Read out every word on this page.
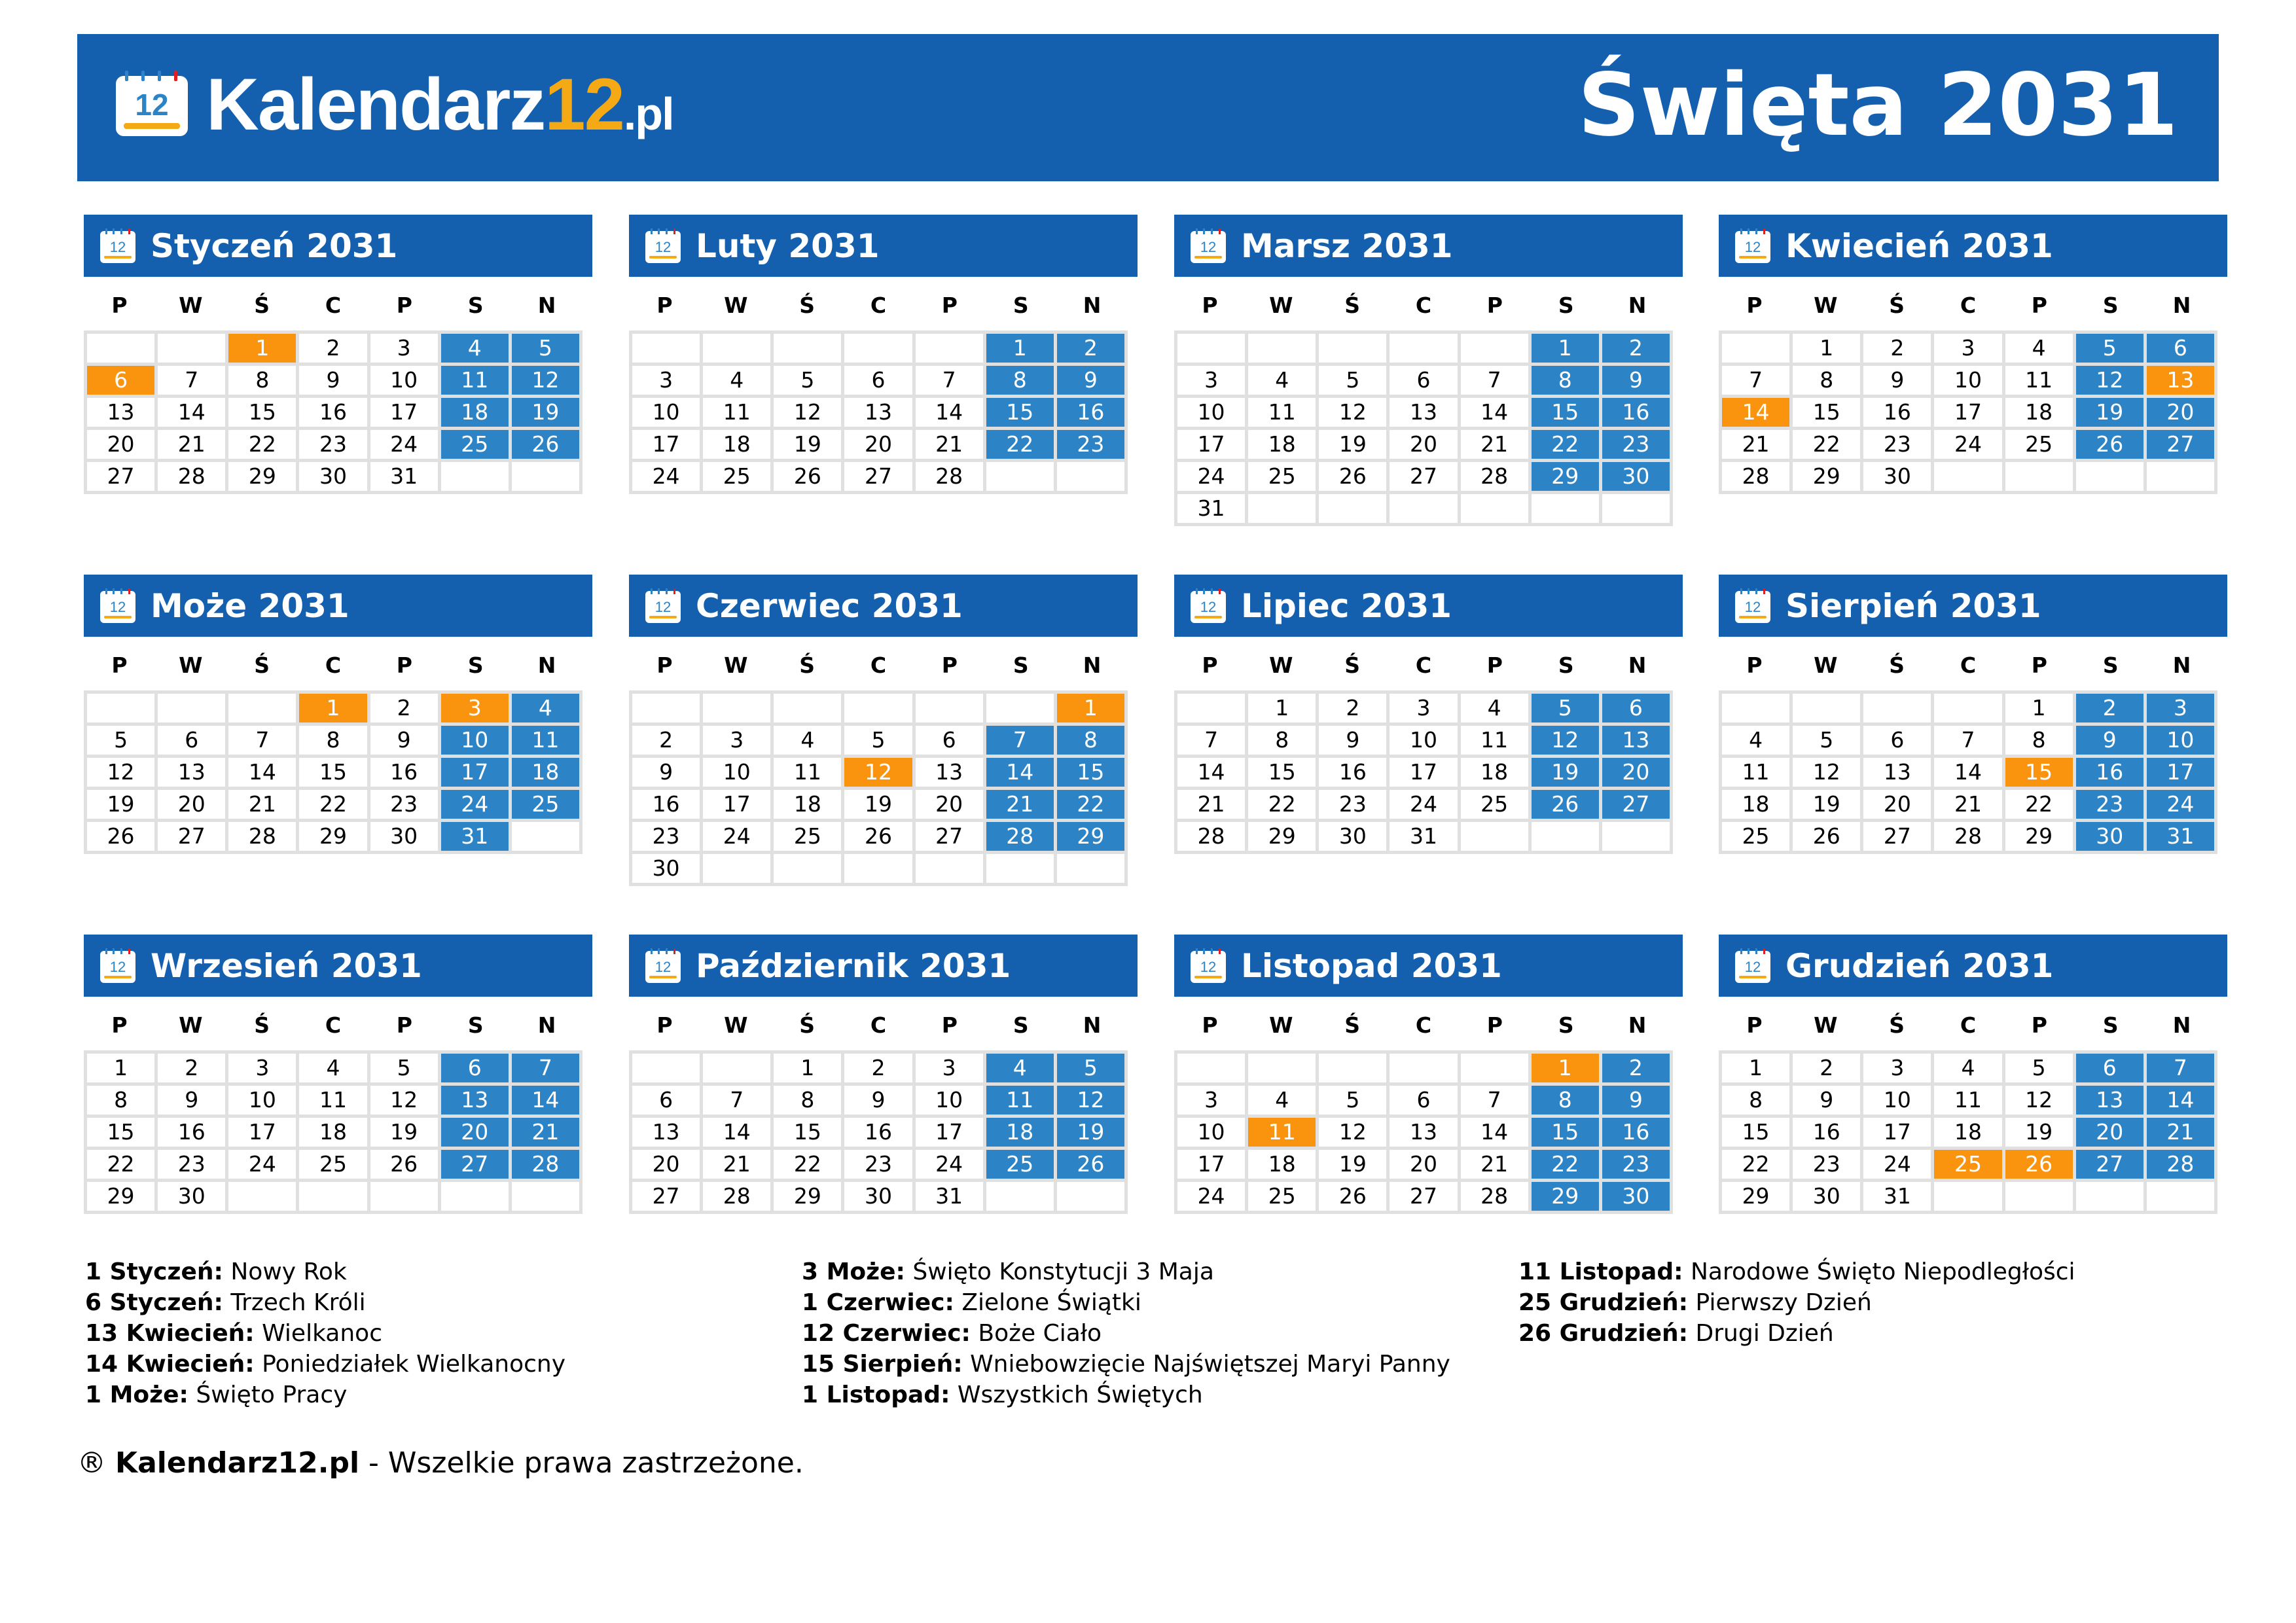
12 Kalendarz12.pl	Święta 2031
12 Styczeń 2031
P	W	Ś	C	P	S	N
		1	2	3	4	5
6	7	8	9	10	11	12
13	14	15	16	17	18	19
20	21	22	23	24	25	26
27	28	29	30	31		
12 Luty 2031
P	W	Ś	C	P	S	N
					1	2
3	4	5	6	7	8	9
10	11	12	13	14	15	16
17	18	19	20	21	22	23
24	25	26	27	28		
12 Marsz 2031
P	W	Ś	C	P	S	N
					1	2
3	4	5	6	7	8	9
10	11	12	13	14	15	16
17	18	19	20	21	22	23
24	25	26	27	28	29	30
31						
12 Kwiecień 2031
P	W	Ś	C	P	S	N
	1	2	3	4	5	6
7	8	9	10	11	12	13
14	15	16	17	18	19	20
21	22	23	24	25	26	27
28	29	30				
12 Może 2031
P	W	Ś	C	P	S	N
			1	2	3	4
5	6	7	8	9	10	11
12	13	14	15	16	17	18
19	20	21	22	23	24	25
26	27	28	29	30	31	
12 Czerwiec 2031
P	W	Ś	C	P	S	N
						1
2	3	4	5	6	7	8
9	10	11	12	13	14	15
16	17	18	19	20	21	22
23	24	25	26	27	28	29
30						
12 Lipiec 2031
P	W	Ś	C	P	S	N
	1	2	3	4	5	6
7	8	9	10	11	12	13
14	15	16	17	18	19	20
21	22	23	24	25	26	27
28	29	30	31			
12 Sierpień 2031
P	W	Ś	C	P	S	N
				1	2	3
4	5	6	7	8	9	10
11	12	13	14	15	16	17
18	19	20	21	22	23	24
25	26	27	28	29	30	31
12 Wrzesień 2031
P	W	Ś	C	P	S	N
1	2	3	4	5	6	7
8	9	10	11	12	13	14
15	16	17	18	19	20	21
22	23	24	25	26	27	28
29	30					
12 Październik 2031
P	W	Ś	C	P	S	N
		1	2	3	4	5
6	7	8	9	10	11	12
13	14	15	16	17	18	19
20	21	22	23	24	25	26
27	28	29	30	31		
12 Listopad 2031
P	W	Ś	C	P	S	N
					1	2
3	4	5	6	7	8	9
10	11	12	13	14	15	16
17	18	19	20	21	22	23
24	25	26	27	28	29	30
12 Grudzień 2031
P	W	Ś	C	P	S	N
1	2	3	4	5	6	7
8	9	10	11	12	13	14
15	16	17	18	19	20	21
22	23	24	25	26	27	28
29	30	31				
1 Styczeń: Nowy Rok
6 Styczeń: Trzech Króli
13 Kwiecień: Wielkanoc
14 Kwiecień: Poniedziałek Wielkanocny
1 Może: Święto Pracy
3 Może: Święto Konstytucji 3 Maja
1 Czerwiec: Zielone Świątki
12 Czerwiec: Boże Ciało
15 Sierpień: Wniebowzięcie Najświętszej Maryi Panny
1 Listopad: Wszystkich Świętych
11 Listopad: Narodowe Święto Niepodległości
25 Grudzień: Pierwszy Dzień
26 Grudzień: Drugi Dzień
® Kalendarz12.pl - Wszelkie prawa zastrzeżone.
